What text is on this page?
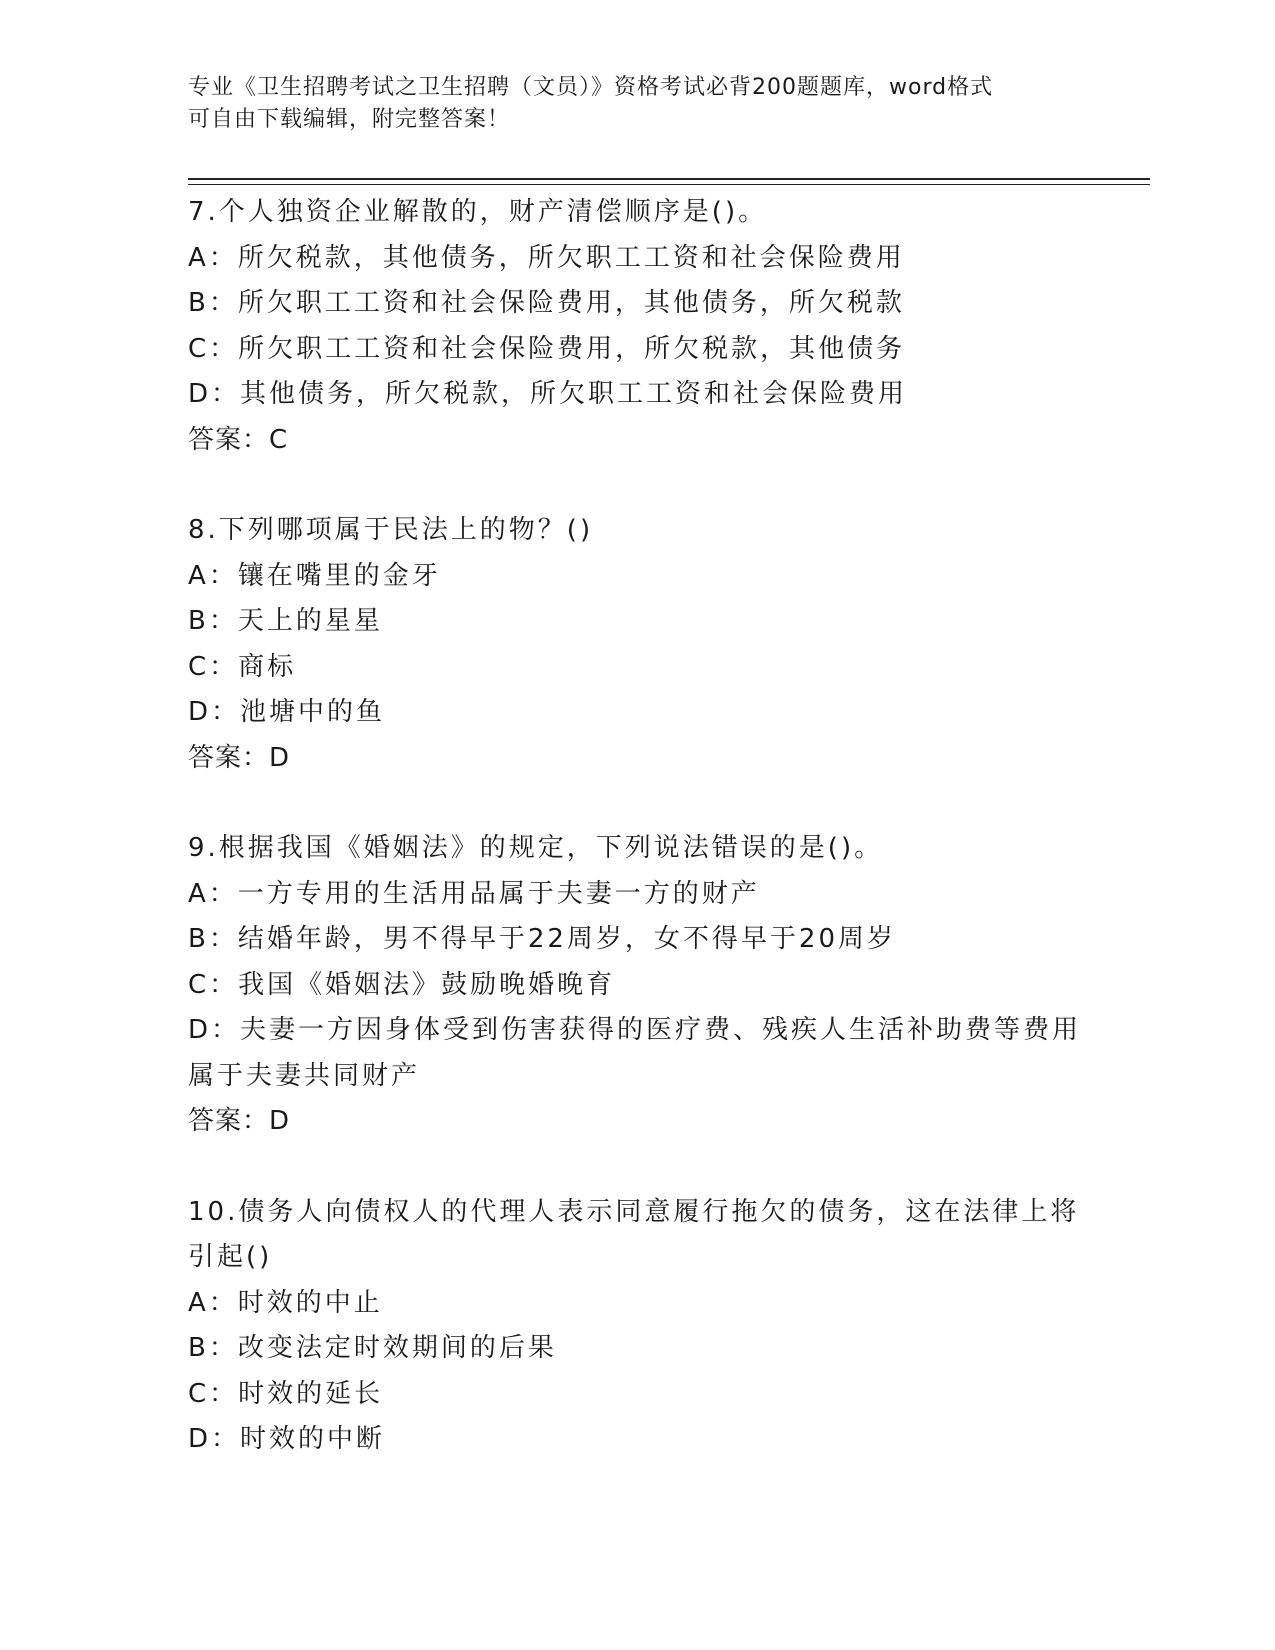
专业《卫生招聘考试之卫生招聘（文员）》资格考试必背200题题库，word格式
可自由下载编辑，附完整答案！
7.个人独资企业解散的，财产清偿顺序是()。
A：所欠税款，其他债务，所欠职工工资和社会保险费用
B：所欠职工工资和社会保险费用，其他债务，所欠税款
C：所欠职工工资和社会保险费用，所欠税款，其他债务
D：其他债务，所欠税款，所欠职工工资和社会保险费用
答案：C
8.下列哪项属于民法上的物？()
A：镶在嘴里的金牙
B：天上的星星
C：商标
D：池塘中的鱼
答案：D
9.根据我国《婚姻法》的规定，下列说法错误的是()。
A：一方专用的生活用品属于夫妻一方的财产
B：结婚年龄，男不得早于22周岁，女不得早于20周岁
C：我国《婚姻法》鼓励晚婚晚育
D：夫妻一方因身体受到伤害获得的医疗费、残疾人生活补助费等费用
属于夫妻共同财产
答案：D
10.债务人向债权人的代理人表示同意履行拖欠的债务，这在法律上将
引起()
A：时效的中止
B：改变法定时效期间的后果
C：时效的延长
D：时效的中断
